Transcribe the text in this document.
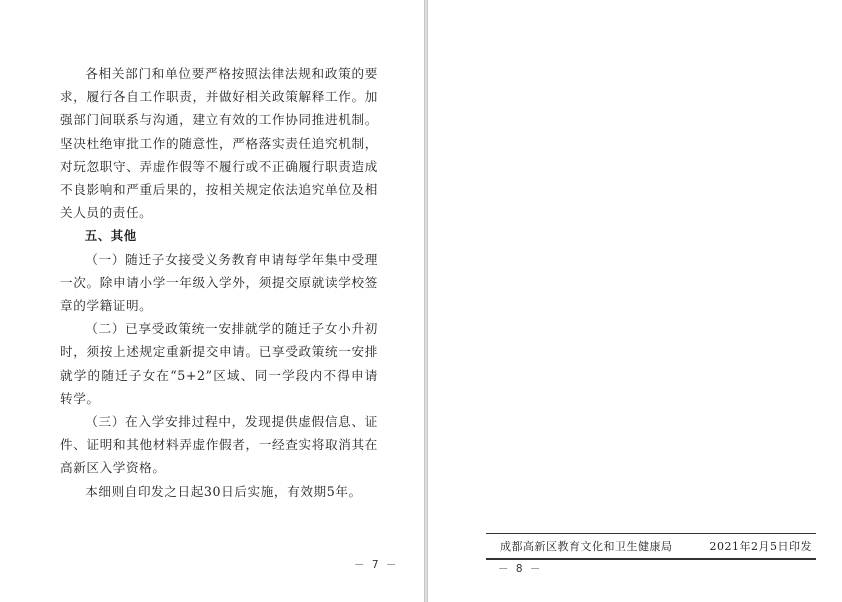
各相关部门和单位要严格按照法律法规和政策的要求，履行各自工作职责，并做好相关政策解释工作。加强部门间联系与沟通，建立有效的工作协同推进机制。坚决杜绝审批工作的随意性，严格落实责任追究机制，对玩忽职守、弄虚作假等不履行或不正确履行职责造成不良影响和严重后果的，按相关规定依法追究单位及相关人员的责任。

五、其他

（一）随迁子女接受义务教育申请每学年集中受理一次。除申请小学一年级入学外，须提交原就读学校签章的学籍证明。

（二）已享受政策统一安排就学的随迁子女小升初时，须按上述规定重新提交申请。已享受政策统一安排就学的随迁子女在“5+2”区域、同一学段内不得申请转学。

（三）在入学安排过程中，发现提供虚假信息、证件、证明和其他材料弄虚作假者，一经查实将取消其在高新区入学资格。

本细则自印发之日起30日后实施，有效期5年。

－ 7 －
成都高新区教育文化和卫生健康局	2021年2月5日印发
－ 8 －
